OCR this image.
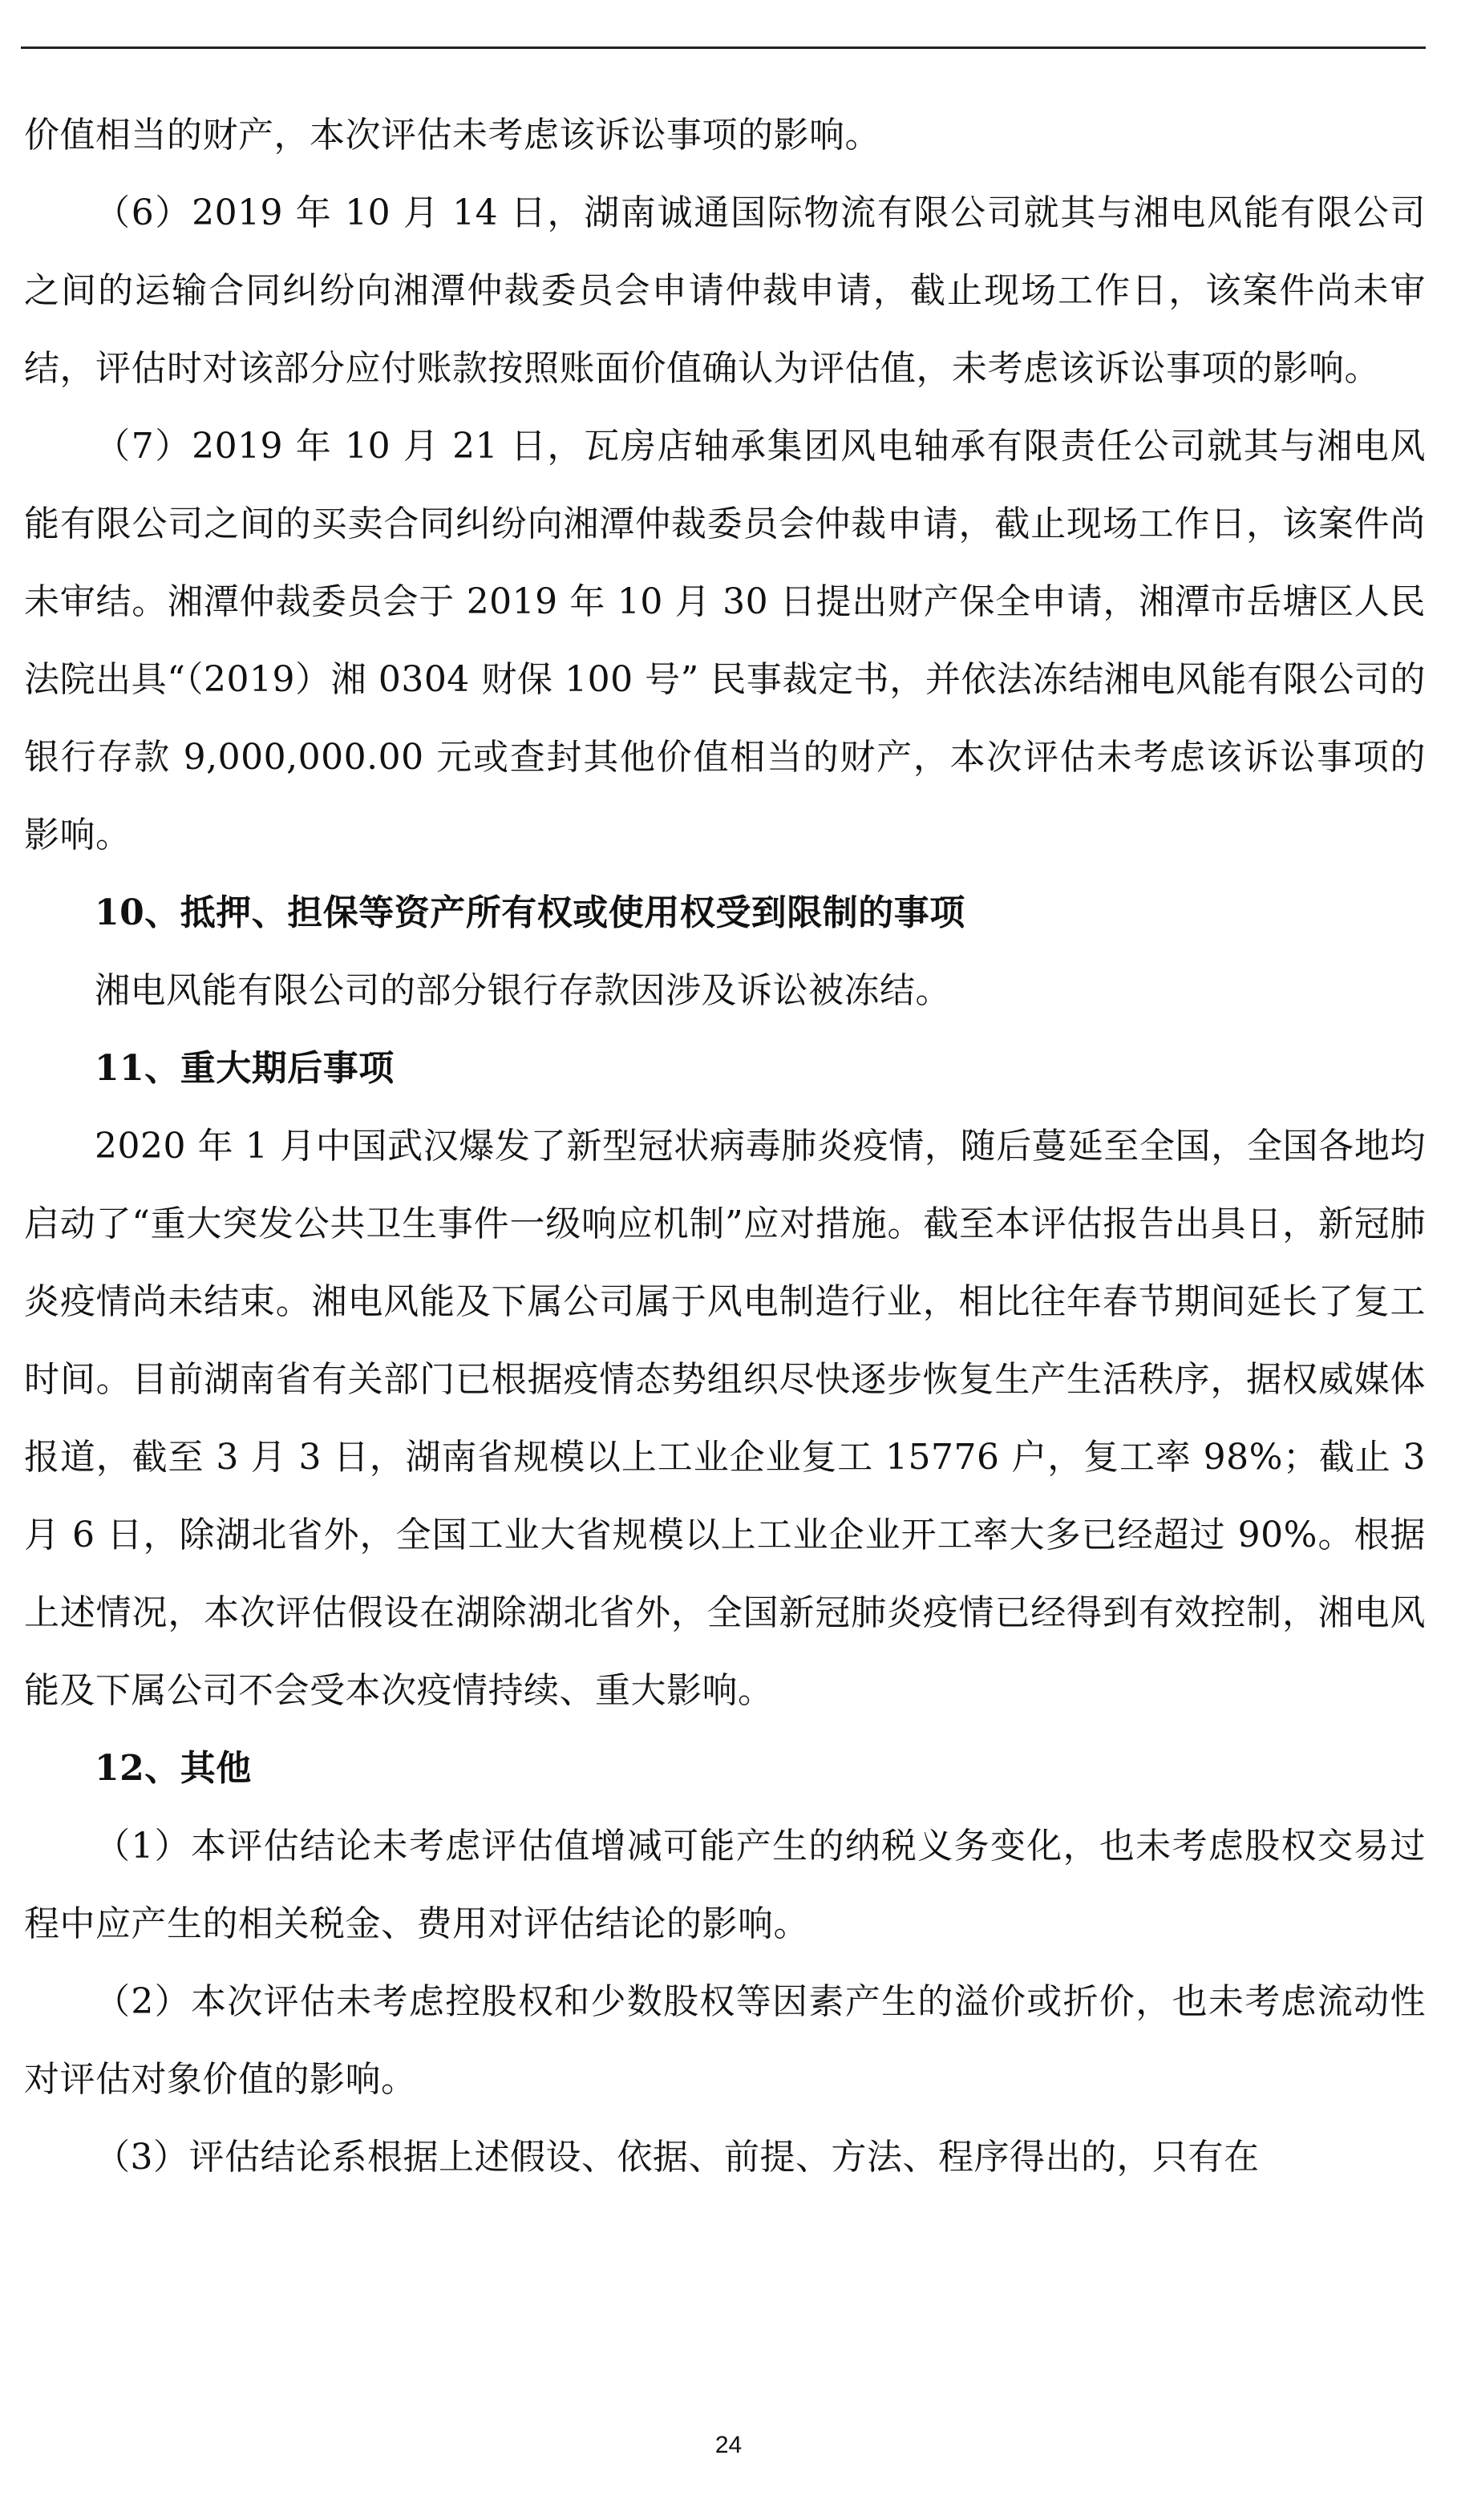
价值相当的财产，本次评估未考虑该诉讼事项的影响。

（6）2019 年 10 月 14 日，湖南诚通国际物流有限公司就其与湘电风能有限公司之间的运输合同纠纷向湘潭仲裁委员会申请仲裁申请，截止现场工作日，该案件尚未审结，评估时对该部分应付账款按照账面价值确认为评估值，未考虑该诉讼事项的影响。

（7）2019 年 10 月 21 日，瓦房店轴承集团风电轴承有限责任公司就其与湘电风能有限公司之间的买卖合同纠纷向湘潭仲裁委员会仲裁申请，截止现场工作日，该案件尚未审结。湘潭仲裁委员会于 2019 年 10 月 30 日提出财产保全申请，湘潭市岳塘区人民法院出具“（2019）湘 0304 财保 100 号” 民事裁定书，并依法冻结湘电风能有限公司的银行存款 9,000,000.00 元或查封其他价值相当的财产，本次评估未考虑该诉讼事项的影响。

10、抵押、担保等资产所有权或使用权受到限制的事项

湘电风能有限公司的部分银行存款因涉及诉讼被冻结。

11、重大期后事项

2020 年 1 月中国武汉爆发了新型冠状病毒肺炎疫情，随后蔓延至全国，全国各地均启动了“重大突发公共卫生事件一级响应机制”应对措施。截至本评估报告出具日，新冠肺炎疫情尚未结束。湘电风能及下属公司属于风电制造行业，相比往年春节期间延长了复工时间。目前湖南省有关部门已根据疫情态势组织尽快逐步恢复生产生活秩序，据权威媒体报道，截至 3 月 3 日，湖南省规模以上工业企业复工 15776 户，复工率 98%；截止 3 月 6 日，除湖北省外，全国工业大省规模以上工业企业开工率大多已经超过 90%。根据上述情况，本次评估假设在湖除湖北省外，全国新冠肺炎疫情已经得到有效控制，湘电风能及下属公司不会受本次疫情持续、重大影响。

12、其他

（1）本评估结论未考虑评估值增减可能产生的纳税义务变化，也未考虑股权交易过程中应产生的相关税金、费用对评估结论的影响。

（2）本次评估未考虑控股权和少数股权等因素产生的溢价或折价，也未考虑流动性对评估对象价值的影响。

（3）评估结论系根据上述假设、依据、前提、方法、程序得出的，只有在

24
